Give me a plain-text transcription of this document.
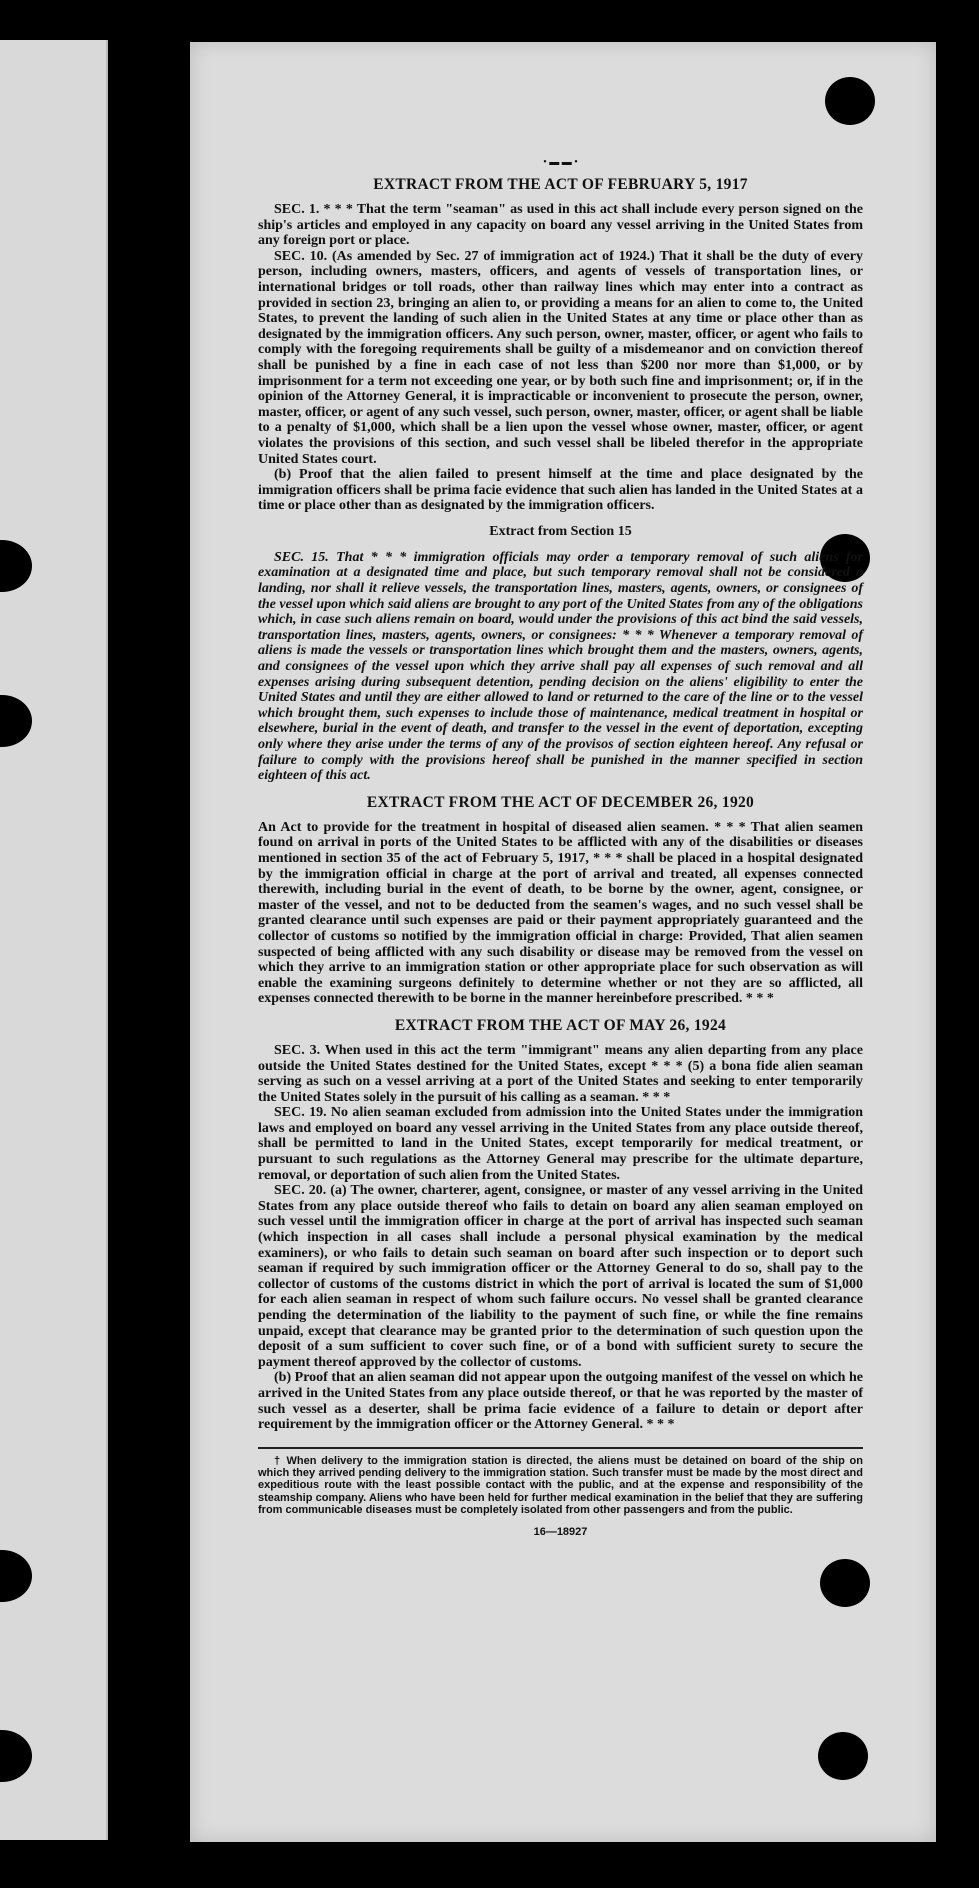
• ▬ ▬ •
EXTRACT FROM THE ACT OF FEBRUARY 5, 1917

SEC. 1. * * * That the term "seaman" as used in this act shall include every person signed on the ship's articles and employed in any capacity on board any vessel arriving in the United States from any foreign port or place.

SEC. 10. (As amended by Sec. 27 of immigration act of 1924.) That it shall be the duty of every person, including owners, masters, officers, and agents of vessels of transportation lines, or international bridges or toll roads, other than railway lines which may enter into a contract as provided in section 23, bringing an alien to, or providing a means for an alien to come to, the United States, to prevent the landing of such alien in the United States at any time or place other than as designated by the immigration officers. Any such person, owner, master, officer, or agent who fails to comply with the foregoing requirements shall be guilty of a misdemeanor and on conviction thereof shall be punished by a fine in each case of not less than $200 nor more than $1,000, or by imprisonment for a term not exceeding one year, or by both such fine and imprisonment; or, if in the opinion of the Attorney General, it is impracticable or inconvenient to prosecute the person, owner, master, officer, or agent of any such vessel, such person, owner, master, officer, or agent shall be liable to a penalty of $1,000, which shall be a lien upon the vessel whose owner, master, officer, or agent violates the provisions of this section, and such vessel shall be libeled therefor in the appropriate United States court.

(b) Proof that the alien failed to present himself at the time and place designated by the immigration officers shall be prima facie evidence that such alien has landed in the United States at a time or place other than as designated by the immigration officers.

Extract from Section 15

SEC. 15. That * * * immigration officials may order a temporary removal of such aliens for examination at a designated time and place, but such temporary removal shall not be considered a landing, nor shall it relieve vessels, the transportation lines, masters, agents, owners, or consignees of the vessel upon which said aliens are brought to any port of the United States from any of the obligations which, in case such aliens remain on board, would under the provisions of this act bind the said vessels, transportation lines, masters, agents, owners, or consignees: * * * Whenever a temporary removal of aliens is made the vessels or transportation lines which brought them and the masters, owners, agents, and consignees of the vessel upon which they arrive shall pay all expenses of such removal and all expenses arising during subsequent detention, pending decision on the aliens' eligibility to enter the United States and until they are either allowed to land or returned to the care of the line or to the vessel which brought them, such expenses to include those of maintenance, medical treatment in hospital or elsewhere, burial in the event of death, and transfer to the vessel in the event of deportation, excepting only where they arise under the terms of any of the provisos of section eighteen hereof. Any refusal or failure to comply with the provisions hereof shall be punished in the manner specified in section eighteen of this act.

EXTRACT FROM THE ACT OF DECEMBER 26, 1920

An Act to provide for the treatment in hospital of diseased alien seamen. * * * That alien seamen found on arrival in ports of the United States to be afflicted with any of the disabilities or diseases mentioned in section 35 of the act of February 5, 1917, * * * shall be placed in a hospital designated by the immigration official in charge at the port of arrival and treated, all expenses connected therewith, including burial in the event of death, to be borne by the owner, agent, consignee, or master of the vessel, and not to be deducted from the seamen's wages, and no such vessel shall be granted clearance until such expenses are paid or their payment appropriately guaranteed and the collector of customs so notified by the immigration official in charge: Provided, That alien seamen suspected of being afflicted with any such disability or disease may be removed from the vessel on which they arrive to an immigration station or other appropriate place for such observation as will enable the examining surgeons definitely to determine whether or not they are so afflicted, all expenses connected therewith to be borne in the manner hereinbefore prescribed. * * *

EXTRACT FROM THE ACT OF MAY 26, 1924

SEC. 3. When used in this act the term "immigrant" means any alien departing from any place outside the United States destined for the United States, except * * * (5) a bona fide alien seaman serving as such on a vessel arriving at a port of the United States and seeking to enter temporarily the United States solely in the pursuit of his calling as a seaman. * * *

SEC. 19. No alien seaman excluded from admission into the United States under the immigration laws and employed on board any vessel arriving in the United States from any place outside thereof, shall be permitted to land in the United States, except temporarily for medical treatment, or pursuant to such regulations as the Attorney General may prescribe for the ultimate departure, removal, or deportation of such alien from the United States.

SEC. 20. (a) The owner, charterer, agent, consignee, or master of any vessel arriving in the United States from any place outside thereof who fails to detain on board any alien seaman employed on such vessel until the immigration officer in charge at the port of arrival has inspected such seaman (which inspection in all cases shall include a personal physical examination by the medical examiners), or who fails to detain such seaman on board after such inspection or to deport such seaman if required by such immigration officer or the Attorney General to do so, shall pay to the collector of customs of the customs district in which the port of arrival is located the sum of $1,000 for each alien seaman in respect of whom such failure occurs. No vessel shall be granted clearance pending the determination of the liability to the payment of such fine, or while the fine remains unpaid, except that clearance may be granted prior to the determination of such question upon the deposit of a sum sufficient to cover such fine, or of a bond with sufficient surety to secure the payment thereof approved by the collector of customs.

(b) Proof that an alien seaman did not appear upon the outgoing manifest of the vessel on which he arrived in the United States from any place outside thereof, or that he was reported by the master of such vessel as a deserter, shall be prima facie evidence of a failure to detain or deport after requirement by the immigration officer or the Attorney General. * * *

† When delivery to the immigration station is directed, the aliens must be detained on board of the ship on which they arrived pending delivery to the immigration station. Such transfer must be made by the most direct and expeditious route with the least possible contact with the public, and at the expense and responsibility of the steamship company. Aliens who have been held for further medical examination in the belief that they are suffering from communicable diseases must be completely isolated from other passengers and from the public.

16—18927
